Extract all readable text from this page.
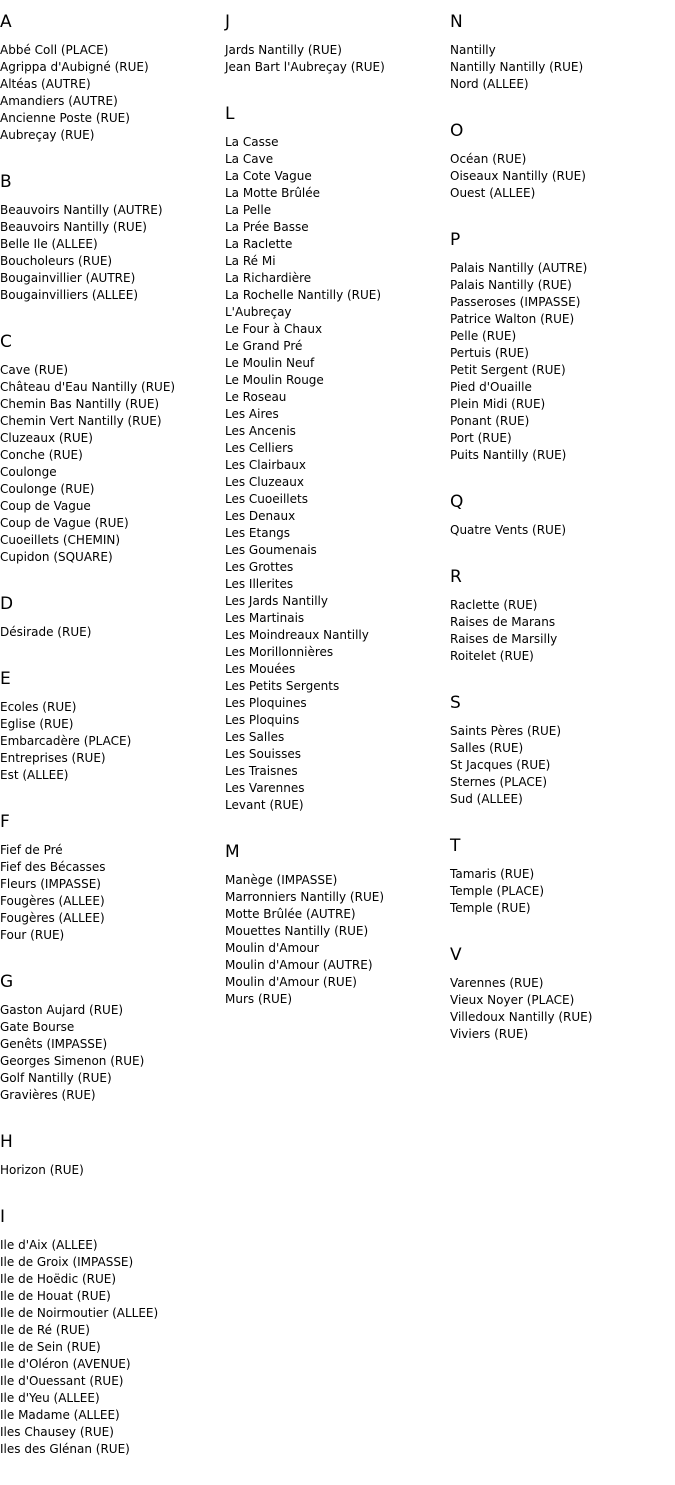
A
Abbé Coll (PLACE)
Agrippa d'Aubigné (RUE)
Altéas (AUTRE)
Amandiers (AUTRE)
Ancienne Poste (RUE)
Aubreçay (RUE)
B
Beauvoirs Nantilly (AUTRE)
Beauvoirs Nantilly (RUE)
Belle Ile (ALLEE)
Boucholeurs (RUE)
Bougainvillier (AUTRE)
Bougainvilliers (ALLEE)
C
Cave (RUE)
Château d'Eau Nantilly (RUE)
Chemin Bas Nantilly (RUE)
Chemin Vert Nantilly (RUE)
Cluzeaux (RUE)
Conche (RUE)
Coulonge
Coulonge (RUE)
Coup de Vague
Coup de Vague (RUE)
Cuoeillets (CHEMIN)
Cupidon (SQUARE)
D
Désirade (RUE)
E
Ecoles (RUE)
Eglise (RUE)
Embarcadère (PLACE)
Entreprises (RUE)
Est (ALLEE)
F
Fief de Pré
Fief des Bécasses
Fleurs (IMPASSE)
Fougères (ALLEE)
Fougères (ALLEE)
Four (RUE)
G
Gaston Aujard (RUE)
Gate Bourse
Genêts (IMPASSE)
Georges Simenon (RUE)
Golf Nantilly (RUE)
Gravières (RUE)
H
Horizon (RUE)
I
Ile d'Aix (ALLEE)
Ile de Groix (IMPASSE)
Ile de Hoëdic (RUE)
Ile de Houat (RUE)
Ile de Noirmoutier (ALLEE)
Ile de Ré (RUE)
Ile de Sein (RUE)
Ile d'Oléron (AVENUE)
Ile d'Ouessant (RUE)
Ile d'Yeu (ALLEE)
Ile Madame (ALLEE)
Iles Chausey (RUE)
Iles des Glénan (RUE)
J
Jards Nantilly (RUE)
Jean Bart l'Aubreçay (RUE)
L
La Casse
La Cave
La Cote Vague
La Motte Brûlée
La Pelle
La Prée Basse
La Raclette
La Ré Mi
La Richardière
La Rochelle Nantilly (RUE)
L'Aubreçay
Le Four à Chaux
Le Grand Pré
Le Moulin Neuf
Le Moulin Rouge
Le Roseau
Les Aires
Les Ancenis
Les Celliers
Les Clairbaux
Les Cluzeaux
Les Cuoeillets
Les Denaux
Les Etangs
Les Goumenais
Les Grottes
Les Illerites
Les Jards Nantilly
Les Martinais
Les Moindreaux Nantilly
Les Morillonnières
Les Mouées
Les Petits Sergents
Les Ploquines
Les Ploquins
Les Salles
Les Souisses
Les Traisnes
Les Varennes
Levant (RUE)
M
Manège (IMPASSE)
Marronniers Nantilly (RUE)
Motte Brûlée (AUTRE)
Mouettes Nantilly (RUE)
Moulin d'Amour
Moulin d'Amour (AUTRE)
Moulin d'Amour (RUE)
Murs (RUE)
N
Nantilly
Nantilly Nantilly (RUE)
Nord (ALLEE)
O
Océan (RUE)
Oiseaux Nantilly (RUE)
Ouest (ALLEE)
P
Palais Nantilly (AUTRE)
Palais Nantilly (RUE)
Passeroses (IMPASSE)
Patrice Walton (RUE)
Pelle (RUE)
Pertuis (RUE)
Petit Sergent (RUE)
Pied d'Ouaille
Plein Midi (RUE)
Ponant (RUE)
Port (RUE)
Puits Nantilly (RUE)
Q
Quatre Vents (RUE)
R
Raclette (RUE)
Raises de Marans
Raises de Marsilly
Roitelet (RUE)
S
Saints Pères (RUE)
Salles (RUE)
St Jacques (RUE)
Sternes (PLACE)
Sud (ALLEE)
T
Tamaris (RUE)
Temple (PLACE)
Temple (RUE)
V
Varennes (RUE)
Vieux Noyer (PLACE)
Villedoux Nantilly (RUE)
Viviers (RUE)
